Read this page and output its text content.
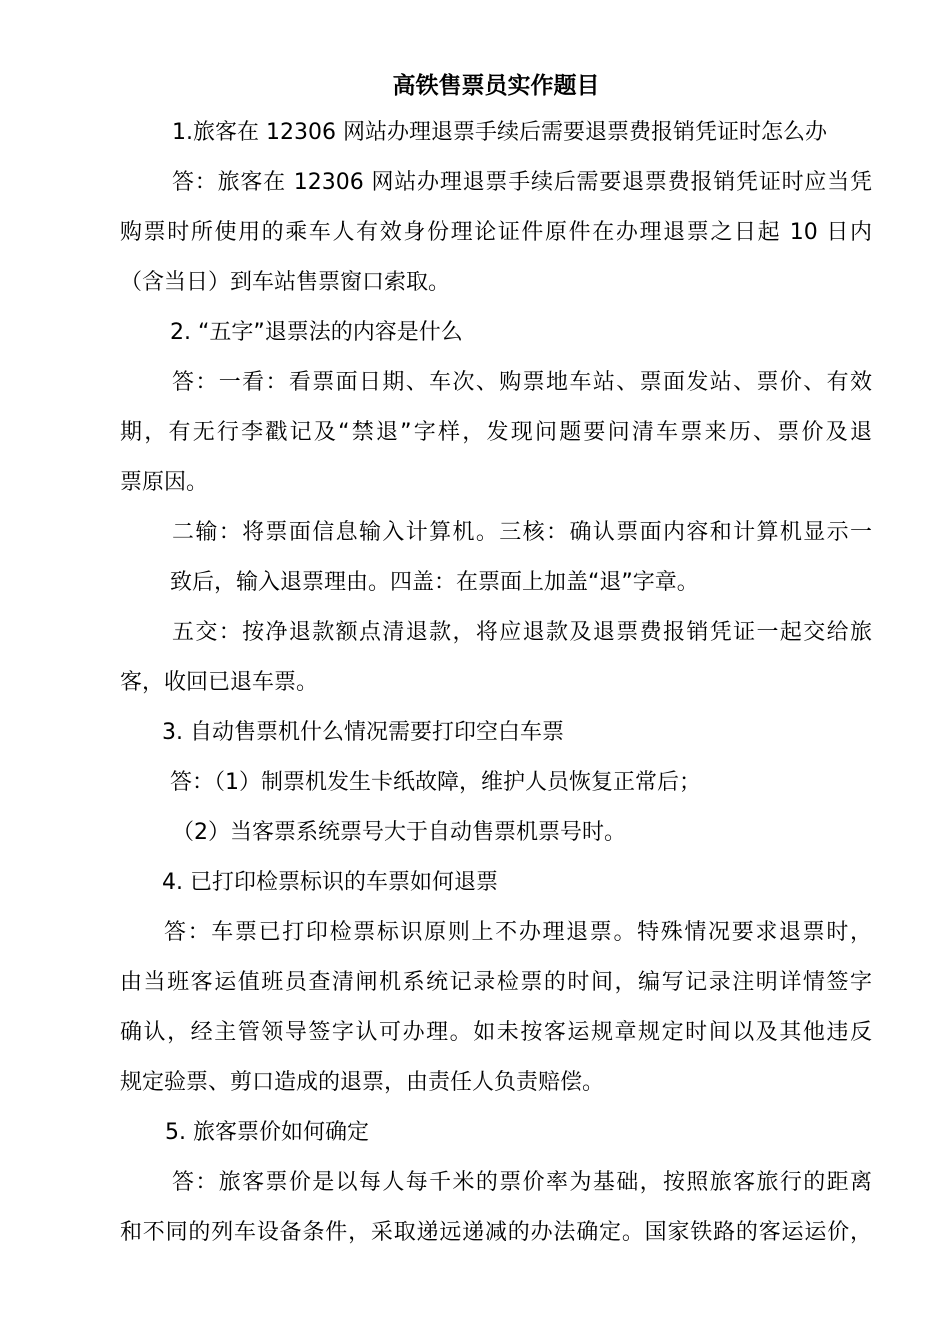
高铁售票员实作题目
1.旅客在 12306 网站办理退票手续后需要退票费报销凭证时怎么办
答：旅客在 12306 网站办理退票手续后需要退票费报销凭证时应当凭
购票时所使用的乘车人有效身份理论证件原件在办理退票之日起 10 日内
（含当日）到车站售票窗口索取。
2. “五字”退票法的内容是什么
答：一看：看票面日期、车次、购票地车站、票面发站、票价、有效
期，有无行李戳记及“禁退”字样，发现问题要问清车票来历、票价及退
票原因。
二输：将票面信息输入计算机。三核：确认票面内容和计算机显示一
致后，输入退票理由。四盖：在票面上加盖“退”字章。
五交：按净退款额点清退款，将应退款及退票费报销凭证一起交给旅
客，收回已退车票。
3. 自动售票机什么情况需要打印空白车票
答：（1）制票机发生卡纸故障，维护人员恢复正常后；
（2）当客票系统票号大于自动售票机票号时。
4. 已打印检票标识的车票如何退票
答：车票已打印检票标识原则上不办理退票。特殊情况要求退票时，
由当班客运值班员查清闸机系统记录检票的时间，编写记录注明详情签字
确认，经主管领导签字认可办理。如未按客运规章规定时间以及其他违反
规定验票、剪口造成的退票，由责任人负责赔偿。
5. 旅客票价如何确定
答：旅客票价是以每人每千米的票价率为基础，按照旅客旅行的距离
和不同的列车设备条件，采取递远递减的办法确定。国家铁路的客运运价，
